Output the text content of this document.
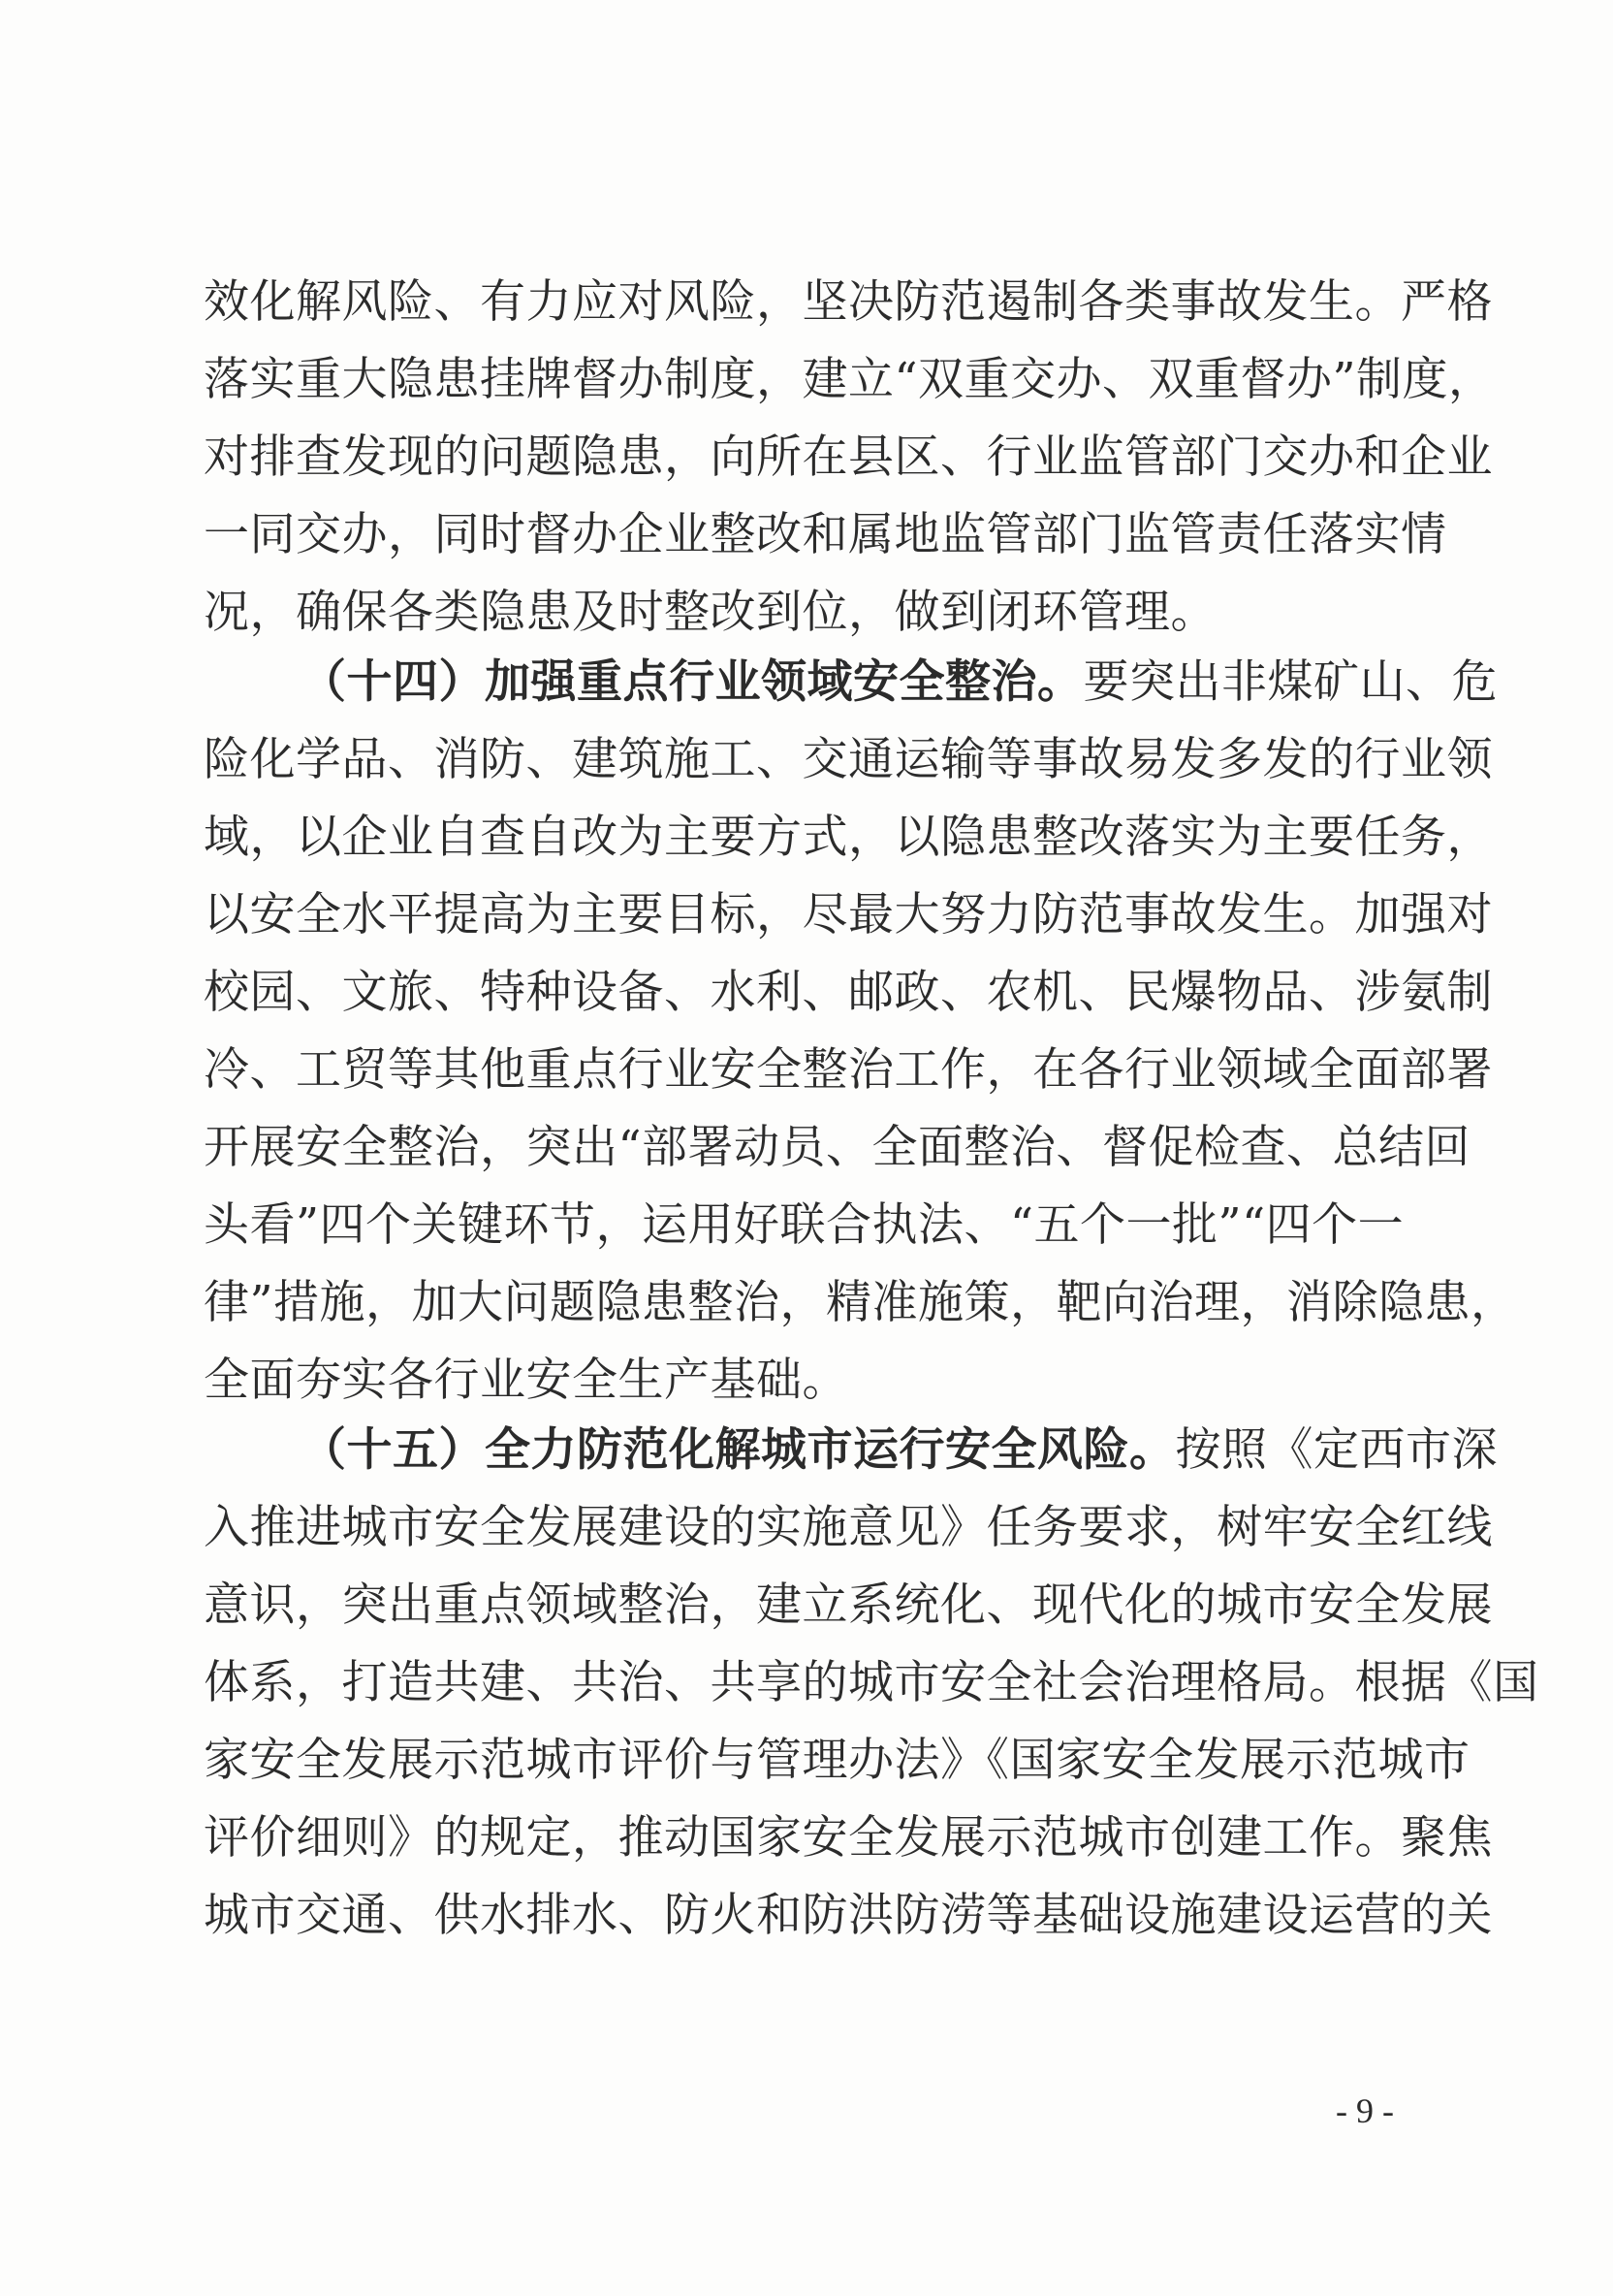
效化解风险、有力应对风险，坚决防范遏制各类事故发生。严格
落实重大隐患挂牌督办制度，建立“双重交办、双重督办”制度，
对排查发现的问题隐患，向所在县区、行业监管部门交办和企业
一同交办，同时督办企业整改和属地监管部门监管责任落实情
况，确保各类隐患及时整改到位，做到闭环管理。
（十四）加强重点行业领域安全整治。要突出非煤矿山、危
险化学品、消防、建筑施工、交通运输等事故易发多发的行业领
域，以企业自查自改为主要方式，以隐患整改落实为主要任务，
以安全水平提高为主要目标，尽最大努力防范事故发生。加强对
校园、文旅、特种设备、水利、邮政、农机、民爆物品、涉氨制
冷、工贸等其他重点行业安全整治工作，在各行业领域全面部署
开展安全整治，突出“部署动员、全面整治、督促检查、总结回
头看”四个关键环节，运用好联合执法、“五个一批”“四个一
律”措施，加大问题隐患整治，精准施策，靶向治理，消除隐患，
全面夯实各行业安全生产基础。
（十五）全力防范化解城市运行安全风险。按照《定西市深
入推进城市安全发展建设的实施意见》任务要求，树牢安全红线
意识，突出重点领域整治，建立系统化、现代化的城市安全发展
体系，打造共建、共治、共享的城市安全社会治理格局。根据《国
家安全发展示范城市评价与管理办法》《国家安全发展示范城市
评价细则》的规定，推动国家安全发展示范城市创建工作。聚焦
城市交通、供水排水、防火和防洪防涝等基础设施建设运营的关
- 9 -
